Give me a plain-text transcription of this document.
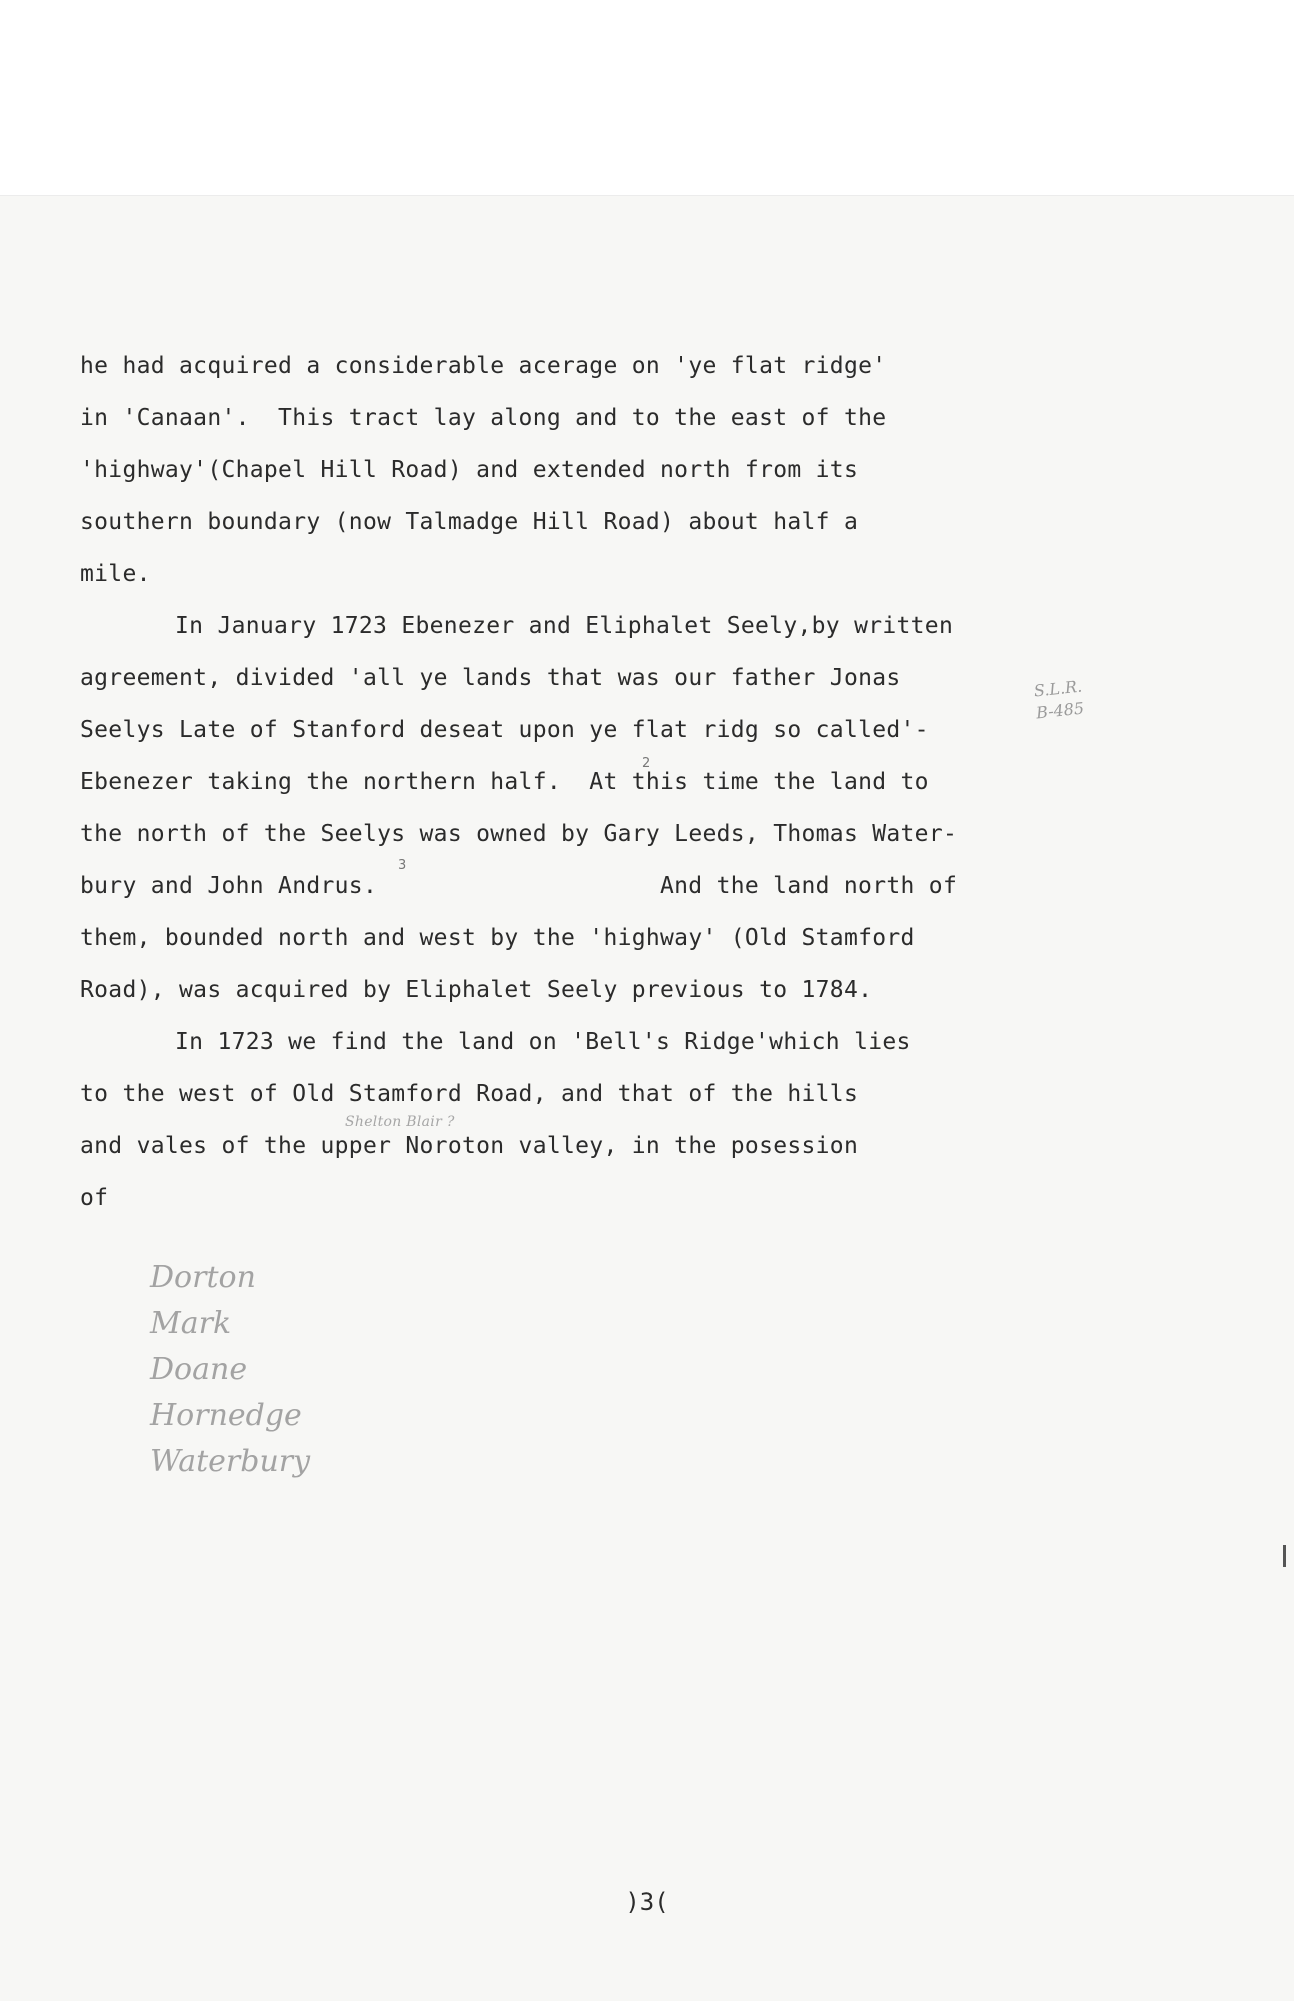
he had acquired a considerable acerage on 'ye flat ridge'
in 'Canaan'.  This tract lay along and to the east of the
'highway'(Chapel Hill Road) and extended north from its
southern boundary (now Talmadge Hill Road) about half a
mile.
In January 1723 Ebenezer and Eliphalet Seely,by written
agreement, divided 'all ye lands that was our father Jonas
Seelys Late of Stanford deseat upon ye flat ridg so called'-
Ebenezer taking the northern half.  At this time the land to
2
the north of the Seelys was owned by Gary Leeds, Thomas Water-
bury and John Andrus.
3
And the land north of
them, bounded north and west by the 'highway' (Old Stamford
Road), was acquired by Eliphalet Seely previous to 1784.
In 1723 we find the land on 'Bell's Ridge'which lies
to the west of Old Stamford Road, and that of the hills
Shelton Blair ?
and vales of the upper Noroton valley, in the posession
of
S.L.R.
B-485
Dorton
Mark
Doane
Hornedge
Waterbury
)3(
